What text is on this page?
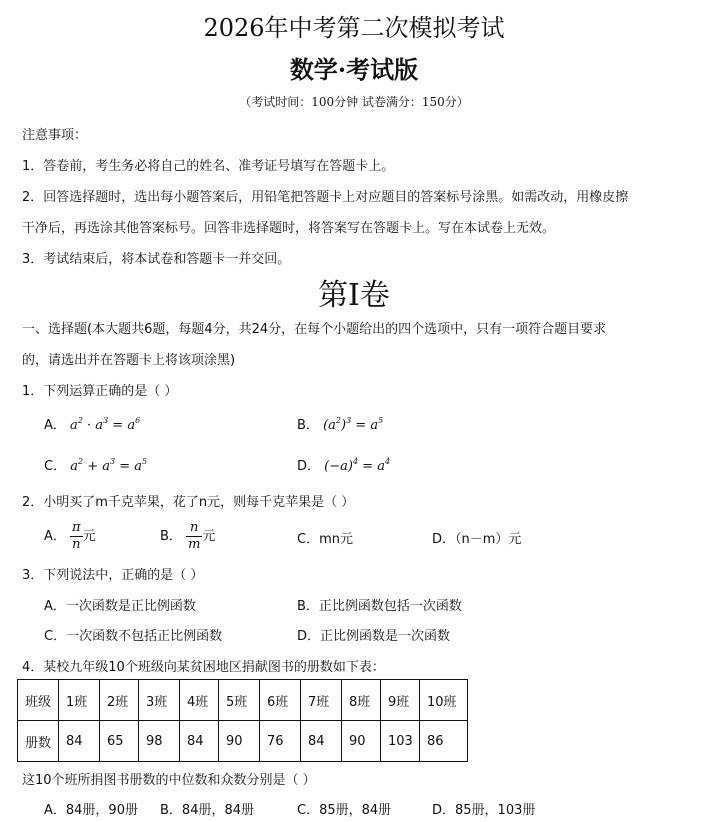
2026年中考第二次模拟考试
数学·考试版
（考试时间：100分钟 试卷满分：150分）
注意事项：
1．答卷前，考生务必将自己的姓名、准考证号填写在答题卡上。
2．回答选择题时，选出每小题答案后，用铅笔把答题卡上对应题目的答案标号涂黑。如需改动，用橡皮擦
干净后，再选涂其他答案标号。回答非选择题时，将答案写在答题卡上。写在本试卷上无效。
3．考试结束后，将本试卷和答题卡一并交回。
第I卷
一、选择题(本大题共6题，每题4分，共24分，在每个小题给出的四个选项中，只有一项符合题目要求
的，请选出并在答题卡上将该项涂黑)
1．下列运算正确的是（ ）
A． $a^2 \cdot a^3 = a^6$	B． $(a^2)^3 = a^5$
C． $a^2 + a^3 = a^5$	D． $(-a)^4 = a^4$
2．小明买了m千克苹果，花了n元，则每千克苹果是（ ）
A． $\frac{\pi}{n}$ 元	B． $\frac{n}{m}$ 元	C．mn元	D．（n－m）元
3．下列说法中，正确的是（ ）
A．一次函数是正比例函数	B．正比例函数包括一次函数
C．一次函数不包括正比例函数	D．正比例函数是一次函数
4．某校九年级10个班级向某贫困地区捐献图书的册数如下表：
班级	1班	2班	3班	4班	5班	6班	7班	8班	9班	10班
册数	84	65	98	84	90	76	84	90	103	86
这10个班所捐图书册数的中位数和众数分别是（ ）
A．84册，90册 B．84册，84册	C．85册，84册	D．85册，103册
